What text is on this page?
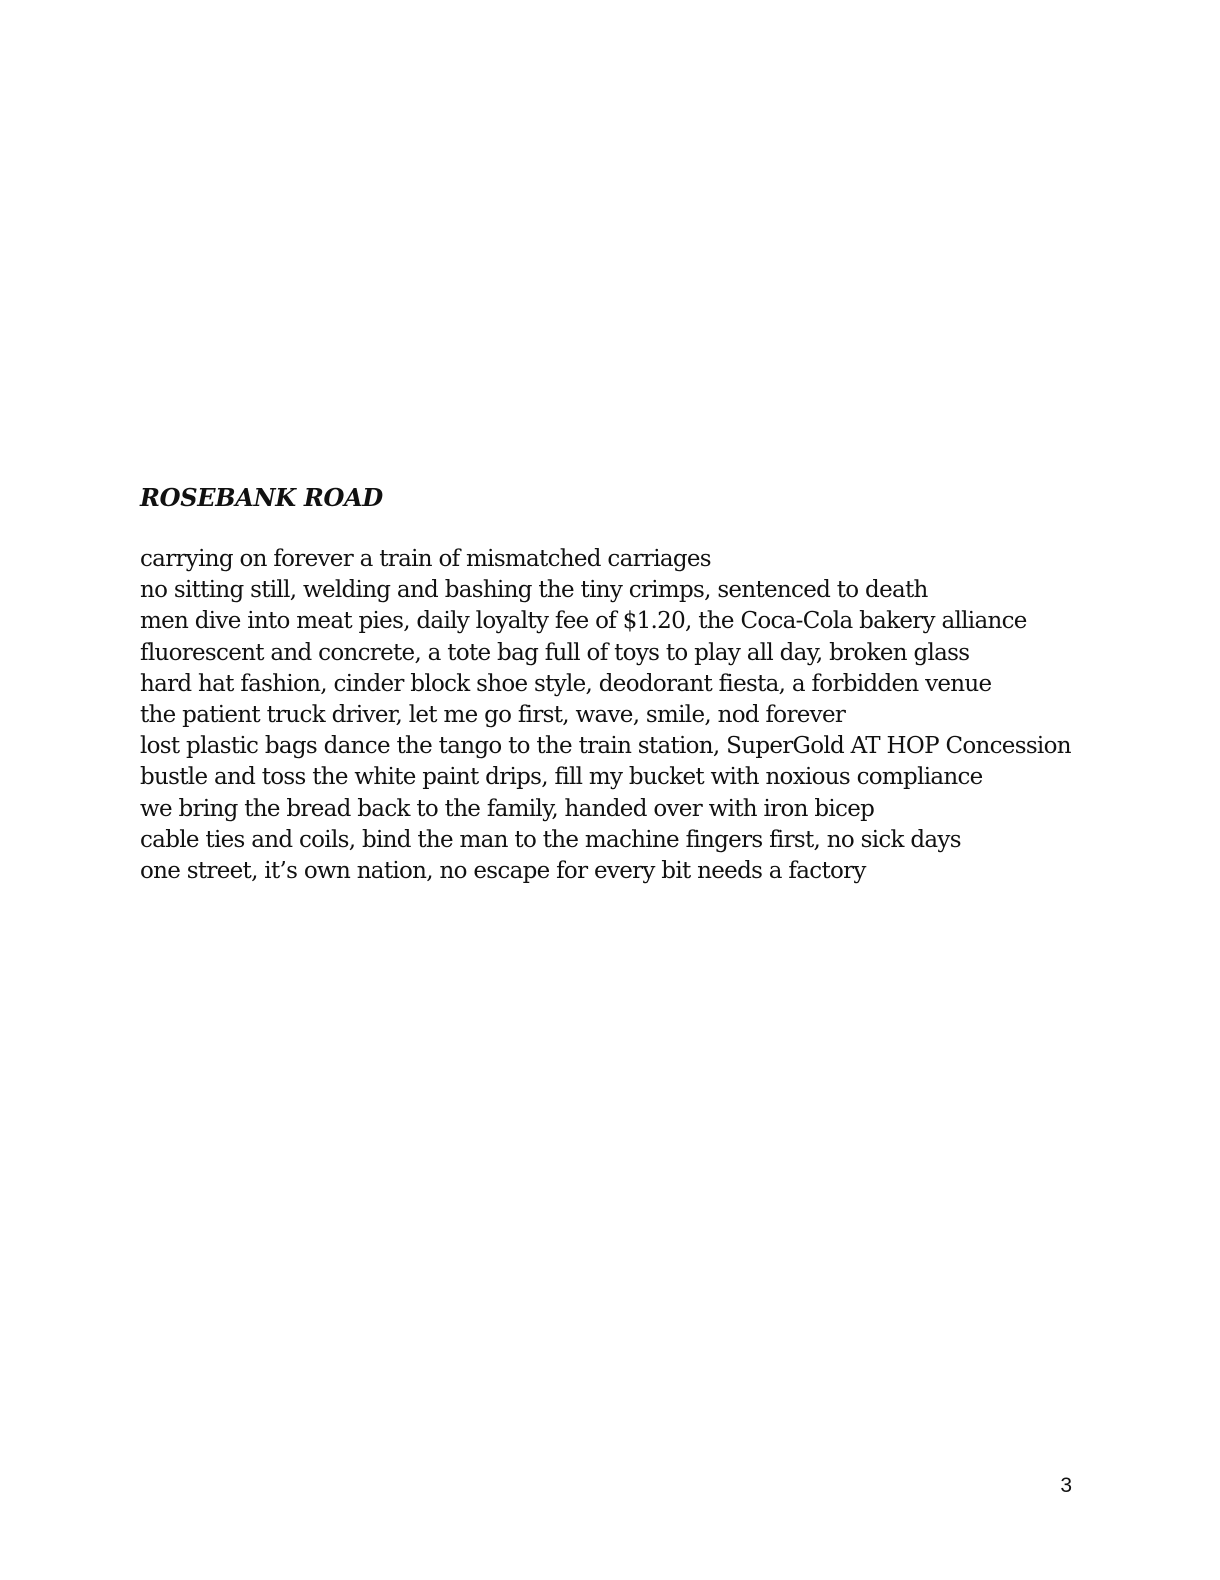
ROSEBANK ROAD
carrying on forever a train of mismatched carriages
no sitting still, welding and bashing the tiny crimps, sentenced to death
men dive into meat pies, daily loyalty fee of $1.20, the Coca-Cola bakery alliance
fluorescent and concrete, a tote bag full of toys to play all day, broken glass
hard hat fashion, cinder block shoe style, deodorant fiesta, a forbidden venue
the patient truck driver, let me go first, wave, smile, nod forever
lost plastic bags dance the tango to the train station, SuperGold AT HOP Concession
bustle and toss the white paint drips, fill my bucket with noxious compliance
we bring the bread back to the family, handed over with iron bicep
cable ties and coils, bind the man to the machine fingers first, no sick days
one street, it’s own nation, no escape for every bit needs a factory
3
